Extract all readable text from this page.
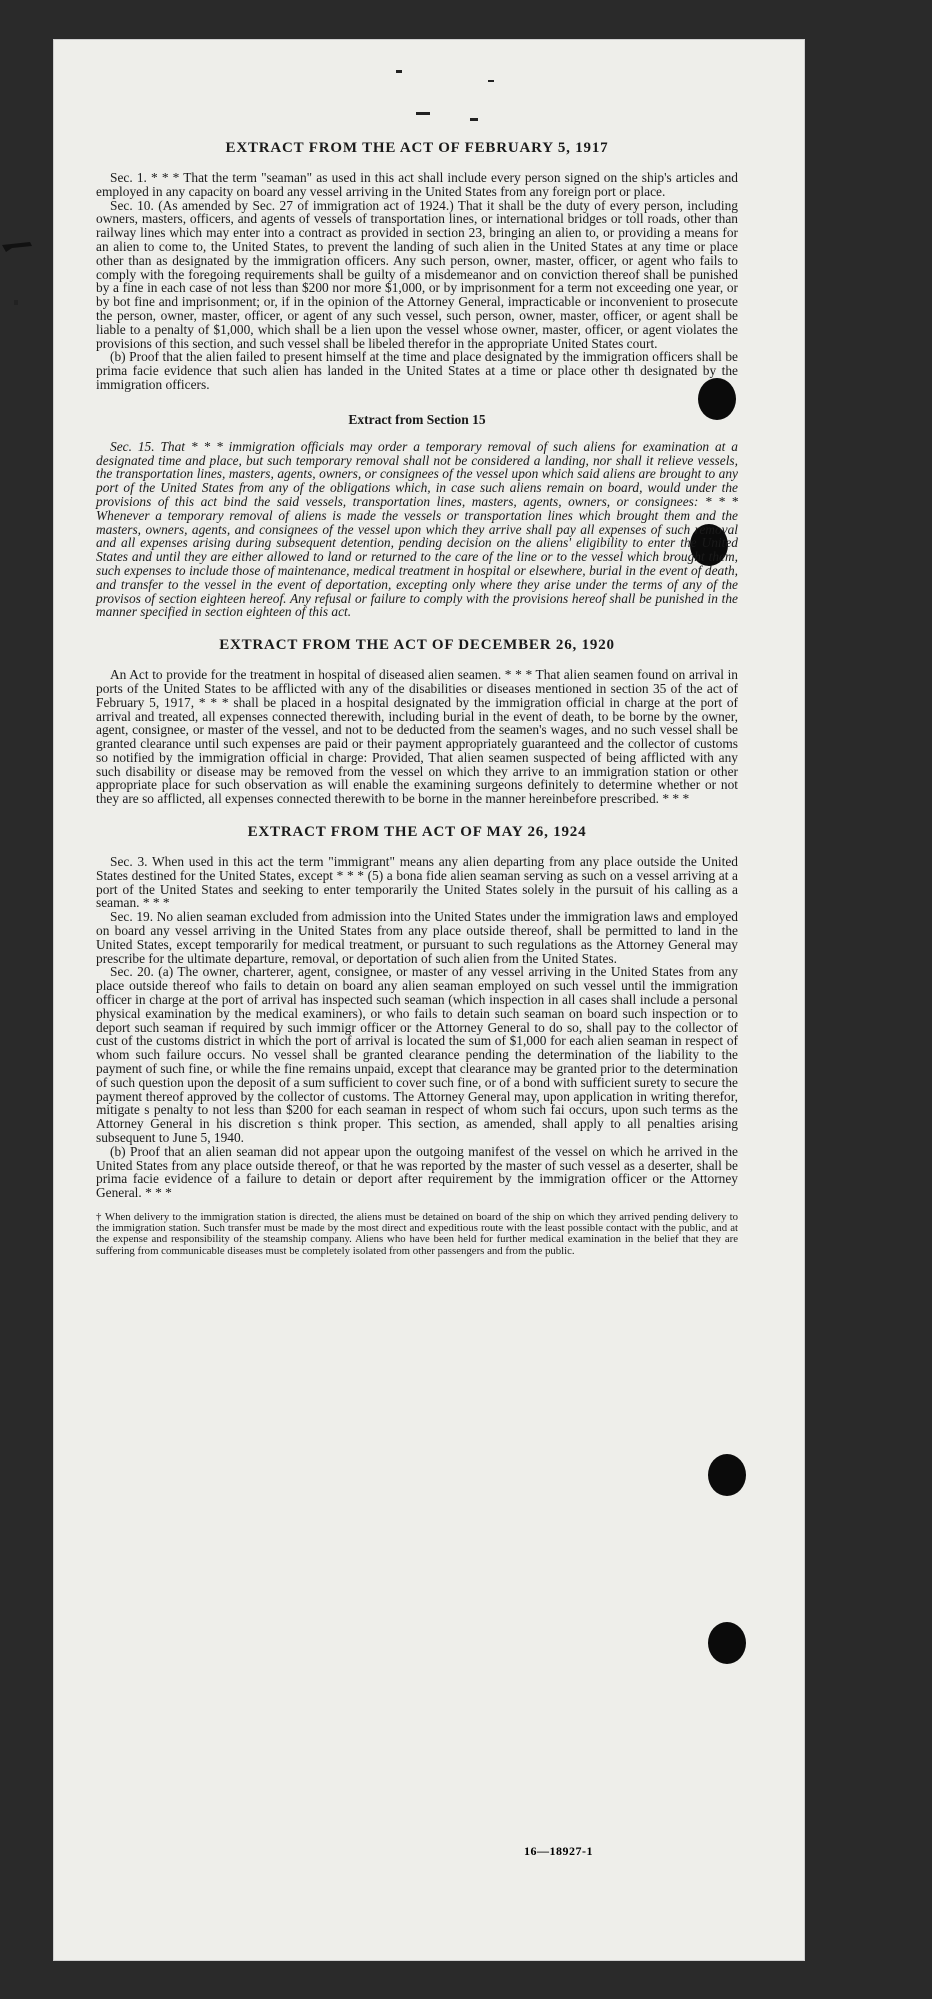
EXTRACT FROM THE ACT OF FEBRUARY 5, 1917

Sec. 1. * * * That the term "seaman" as used in this act shall include every person signed on the ship's articles and employed in any capacity on board any vessel arriving in the United States from any foreign port or place.

Sec. 10. (As amended by Sec. 27 of immigration act of 1924.) That it shall be the duty of every person, including owners, masters, officers, and agents of vessels of transportation lines, or international bridges or toll roads, other than railway lines which may enter into a contract as provided in section 23, bringing an alien to, or providing a means for an alien to come to, the United States, to prevent the landing of such alien in the United States at any time or place other than as designated by the immigration officers. Any such person, owner, master, officer, or agent who fails to comply with the foregoing requirements shall be guilty of a misdemeanor and on conviction thereof shall be punished by a fine in each case of not less than $200 nor more $1,000, or by imprisonment for a term not exceeding one year, or by bot fine and imprisonment; or, if in the opinion of the Attorney General, impracticable or inconvenient to prosecute the person, owner, master, officer, or agent of any such vessel, such person, owner, master, officer, or agent shall be liable to a penalty of $1,000, which shall be a lien upon the vessel whose owner, master, officer, or agent violates the provisions of this section, and such vessel shall be libeled therefor in the appropriate United States court.

(b) Proof that the alien failed to present himself at the time and place designated by the immigration officers shall be prima facie evidence that such alien has landed in the United States at a time or place other th designated by the immigration officers.

Extract from Section 15

Sec. 15. That * * * immigration officials may order a temporary removal of such aliens for examination at a designated time and place, but such temporary removal shall not be considered a landing, nor shall it relieve vessels, the transportation lines, masters, agents, owners, or consignees of the vessel upon which said aliens are brought to any port of the United States from any of the obligations which, in case such aliens remain on board, would under the provisions of this act bind the said vessels, transportation lines, masters, agents, owners, or consignees: * * * Whenever a temporary removal of aliens is made the vessels or transportation lines which brought them and the masters, owners, agents, and consignees of the vessel upon which they arrive shall pay all expenses of such removal and all expenses arising during subsequent detention, pending decision on the aliens' eligibility to enter the United States and until they are either allowed to land or returned to the care of the line or to the vessel which brought them, such expenses to include those of maintenance, medical treatment in hospital or elsewhere, burial in the event of death, and transfer to the vessel in the event of deportation, excepting only where they arise under the terms of any of the provisos of section eighteen hereof. Any refusal or failure to comply with the provisions hereof shall be punished in the manner specified in section eighteen of this act.

EXTRACT FROM THE ACT OF DECEMBER 26, 1920

An Act to provide for the treatment in hospital of diseased alien seamen. * * * That alien seamen found on arrival in ports of the United States to be afflicted with any of the disabilities or diseases mentioned in section 35 of the act of February 5, 1917, * * * shall be placed in a hospital designated by the immigration official in charge at the port of arrival and treated, all expenses connected therewith, including burial in the event of death, to be borne by the owner, agent, consignee, or master of the vessel, and not to be deducted from the seamen's wages, and no such vessel shall be granted clearance until such expenses are paid or their payment appropriately guaranteed and the collector of customs so notified by the immigration official in charge: Provided, That alien seamen suspected of being afflicted with any such disability or disease may be removed from the vessel on which they arrive to an immigration station or other appropriate place for such observation as will enable the examining surgeons definitely to determine whether or not they are so afflicted, all expenses connected therewith to be borne in the manner hereinbefore prescribed. * * *

EXTRACT FROM THE ACT OF MAY 26, 1924

Sec. 3. When used in this act the term "immigrant" means any alien departing from any place outside the United States destined for the United States, except * * * (5) a bona fide alien seaman serving as such on a vessel arriving at a port of the United States and seeking to enter temporarily the United States solely in the pursuit of his calling as a seaman. * * *

Sec. 19. No alien seaman excluded from admission into the United States under the immigration laws and employed on board any vessel arriving in the United States from any place outside thereof, shall be permitted to land in the United States, except temporarily for medical treatment, or pursuant to such regulations as the Attorney General may prescribe for the ultimate departure, removal, or deportation of such alien from the United States.

Sec. 20. (a) The owner, charterer, agent, consignee, or master of any vessel arriving in the United States from any place outside thereof who fails to detain on board any alien seaman employed on such vessel until the immigration officer in charge at the port of arrival has inspected such seaman (which inspection in all cases shall include a personal physical examination by the medical examiners), or who fails to detain such seaman on board such inspection or to deport such seaman if required by such immigr officer or the Attorney General to do so, shall pay to the collector of cust of the customs district in which the port of arrival is located the sum of $1,000 for each alien seaman in respect of whom such failure occurs. No vessel shall be granted clearance pending the determination of the liability to the payment of such fine, or while the fine remains unpaid, except that clearance may be granted prior to the determination of such question upon the deposit of a sum sufficient to cover such fine, or of a bond with sufficient surety to secure the payment thereof approved by the collector of customs. The Attorney General may, upon application in writing therefor, mitigate s penalty to not less than $200 for each seaman in respect of whom such fai occurs, upon such terms as the Attorney General in his discretion s think proper. This section, as amended, shall apply to all penalties arising subsequent to June 5, 1940.

(b) Proof that an alien seaman did not appear upon the outgoing manifest of the vessel on which he arrived in the United States from any place outside thereof, or that he was reported by the master of such vessel as a deserter, shall be prima facie evidence of a failure to detain or deport after requirement by the immigration officer or the Attorney General. * * *

† When delivery to the immigration station is directed, the aliens must be detained on board of the ship on which they arrived pending delivery to the immigration station. Such transfer must be made by the most direct and expeditious route with the least possible contact with the public, and at the expense and responsibility of the steamship company. Aliens who have been held for further medical examination in the belief that they are suffering from communicable diseases must be completely isolated from other passengers and from the public.
16—18927-1
